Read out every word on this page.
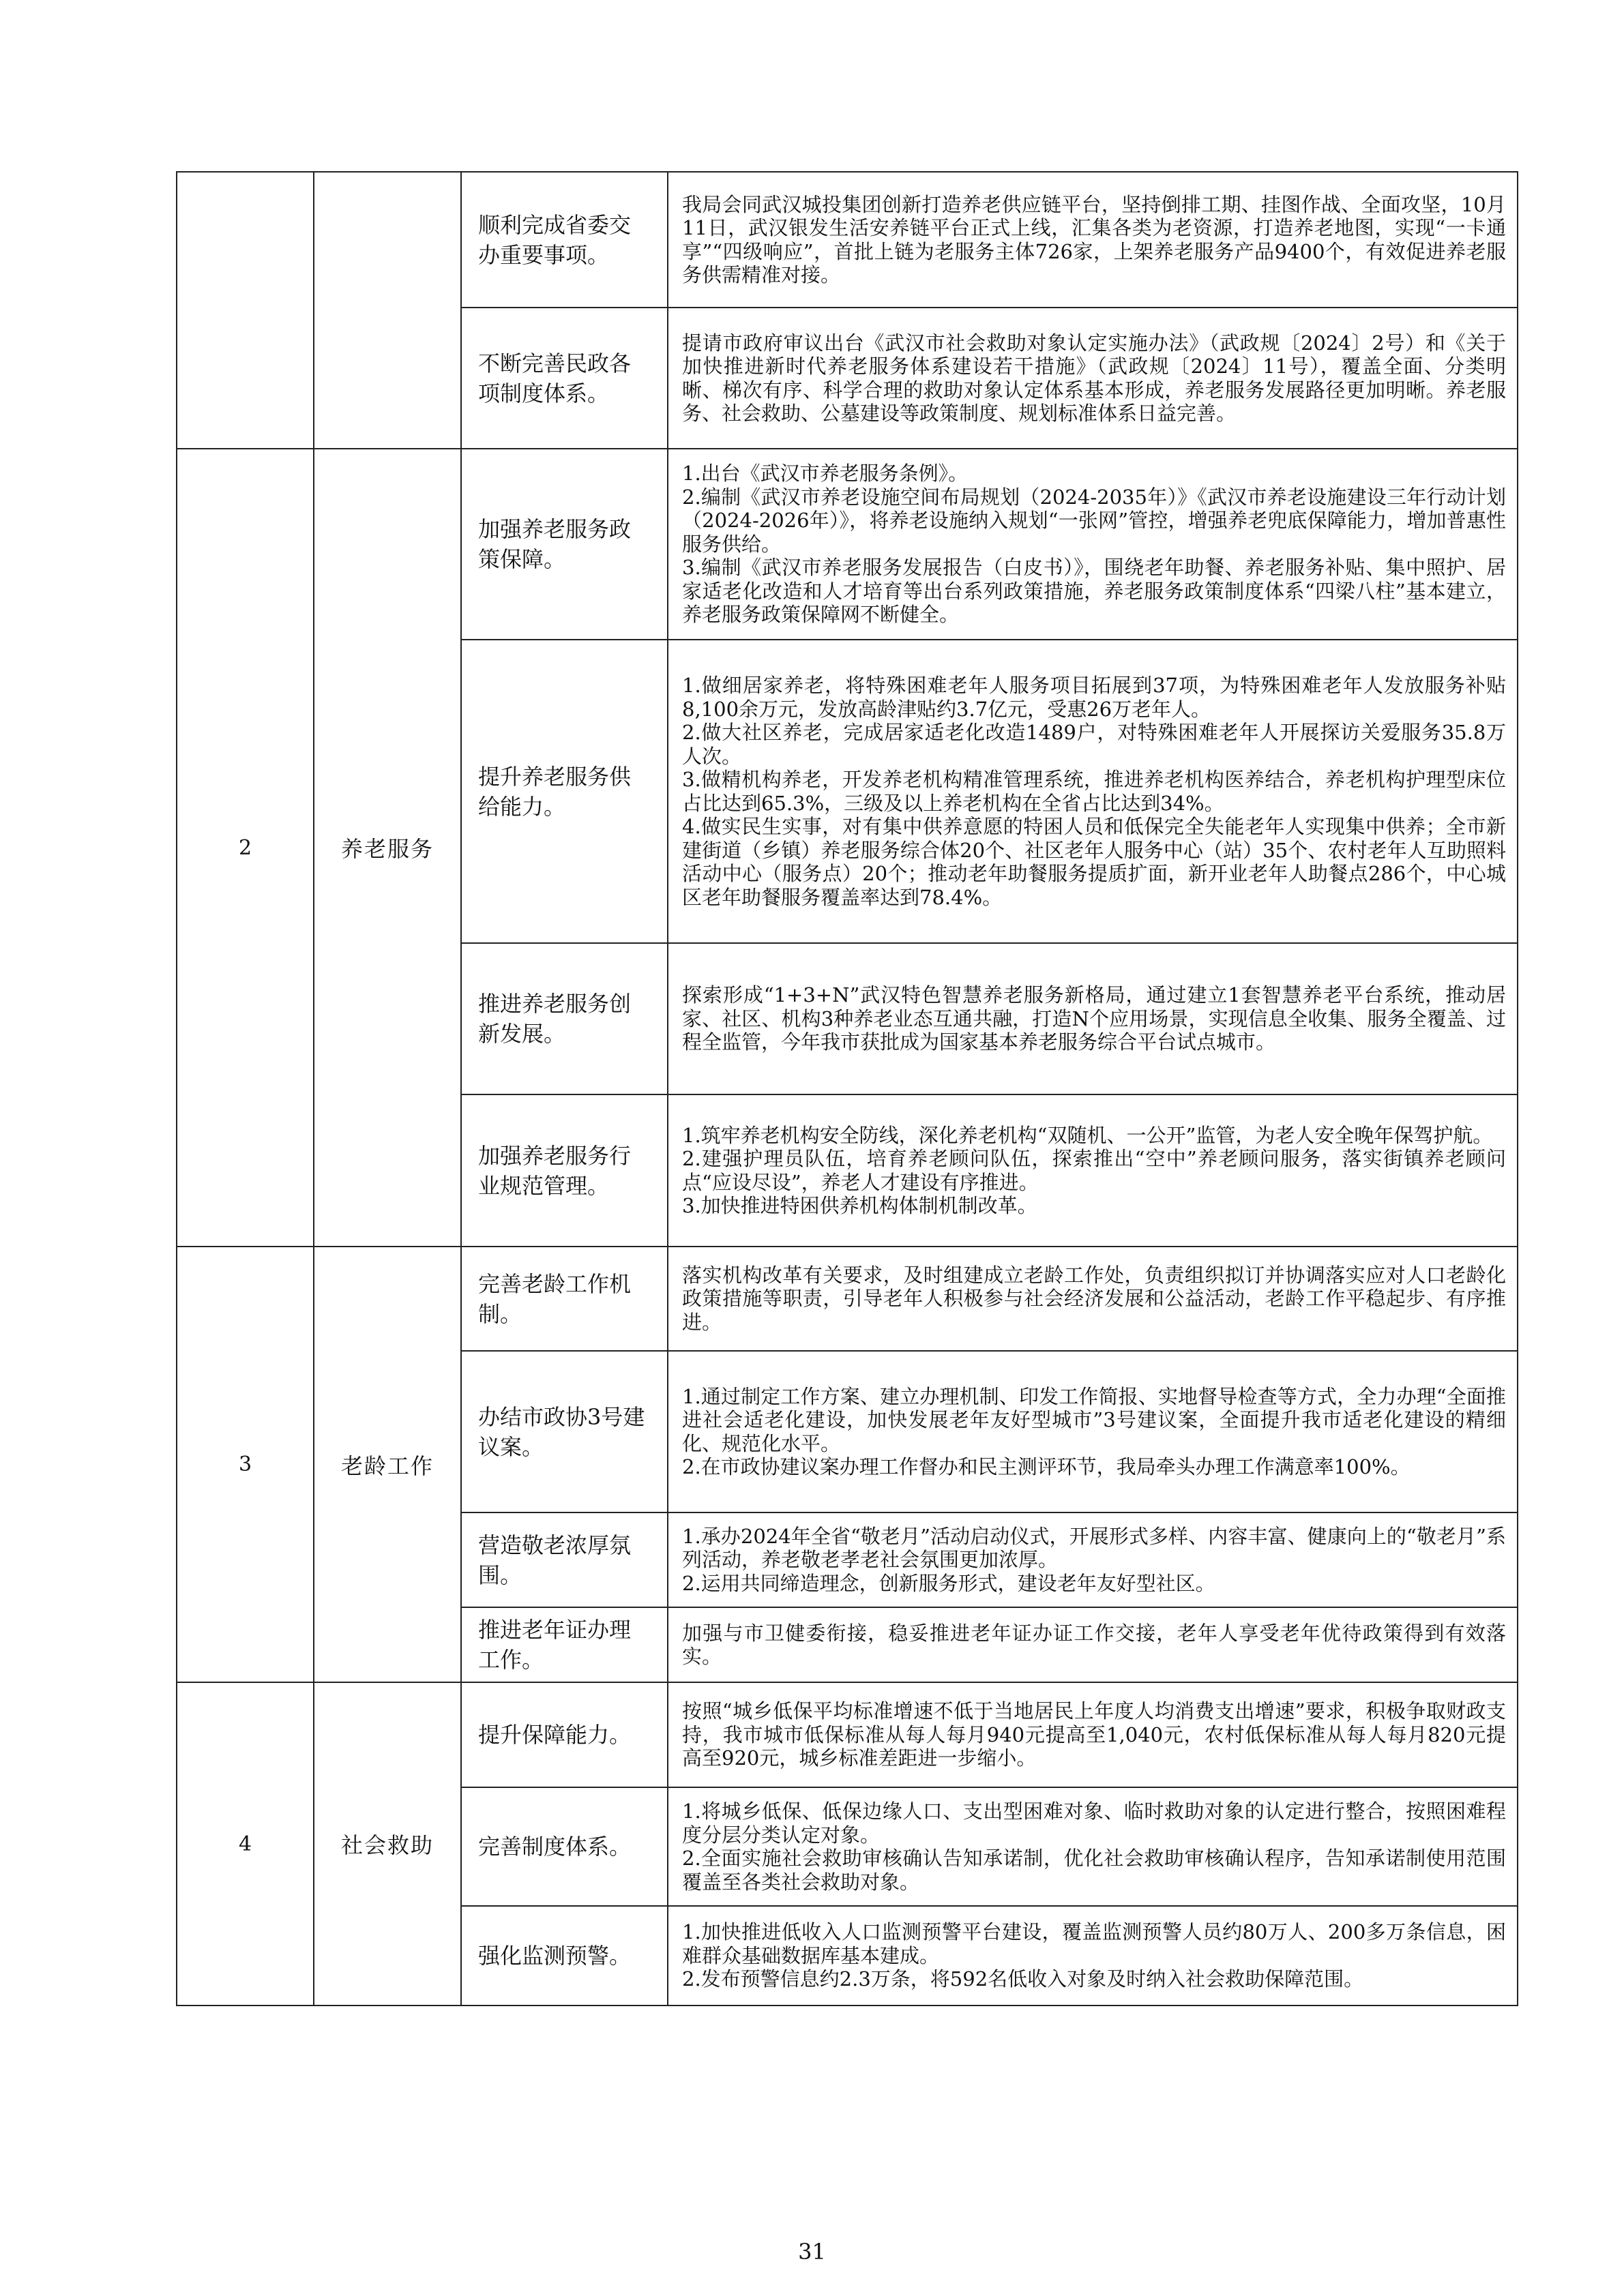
		顺利完成省委交办重要事项。	我局会同武汉城投集团创新打造养老供应链平台，坚持倒排工期、挂图作战、全面攻坚，10月11日，武汉银发生活安养链平台正式上线，汇集各类为老资源，打造养老地图，实现“一卡通享”“四级响应”，首批上链为老服务主体726家，上架养老服务产品9400个，有效促进养老服务供需精准对接。

		不断完善民政各项制度体系。	提请市政府审议出台《武汉市社会救助对象认定实施办法》（武政规〔2024〕2号）和《关于加快推进新时代养老服务体系建设若干措施》（武政规〔2024〕11号），覆盖全面、分类明晰、梯次有序、科学合理的救助对象认定体系基本形成，养老服务发展路径更加明晰。养老服务、社会救助、公墓建设等政策制度、规划标准体系日益完善。

2	养老服务	加强养老服务政策保障。	1.出台《武汉市养老服务条例》。
2.编制《武汉市养老设施空间布局规划（2024-2035年）》《武汉市养老设施建设三年行动计划（2024-2026年）》，将养老设施纳入规划“一张网”管控，增强养老兜底保障能力，增加普惠性服务供给。
3.编制《武汉市养老服务发展报告（白皮书）》，围绕老年助餐、养老服务补贴、集中照护、居家适老化改造和人才培育等出台系列政策措施，养老服务政策制度体系“四梁八柱”基本建立，养老服务政策保障网不断健全。

		提升养老服务供给能力。	1.做细居家养老，将特殊困难老年人服务项目拓展到37项，为特殊困难老年人发放服务补贴8,100余万元，发放高龄津贴约3.7亿元，受惠26万老年人。
2.做大社区养老，完成居家适老化改造1489户，对特殊困难老年人开展探访关爱服务35.8万人次。
3.做精机构养老，开发养老机构精准管理系统，推进养老机构医养结合，养老机构护理型床位占比达到65.3%，三级及以上养老机构在全省占比达到34%。
4.做实民生实事，对有集中供养意愿的特困人员和低保完全失能老年人实现集中供养；全市新建街道（乡镇）养老服务综合体20个、社区老年人服务中心（站）35个、农村老年人互助照料活动中心（服务点）20个；推动老年助餐服务提质扩面，新开业老年人助餐点286个，中心城区老年助餐服务覆盖率达到78.4%。

		推进养老服务创新发展。	探索形成“1+3+N”武汉特色智慧养老服务新格局，通过建立1套智慧养老平台系统，推动居家、社区、机构3种养老业态互通共融，打造N个应用场景，实现信息全收集、服务全覆盖、过程全监管，今年我市获批成为国家基本养老服务综合平台试点城市。

		加强养老服务行业规范管理。	1.筑牢养老机构安全防线，深化养老机构“双随机、一公开”监管，为老人安全晚年保驾护航。
2.建强护理员队伍，培育养老顾问队伍，探索推出“空中”养老顾问服务，落实街镇养老顾问点“应设尽设”，养老人才建设有序推进。
3.加快推进特困供养机构体制机制改革。

3	老龄工作	完善老龄工作机制。	落实机构改革有关要求，及时组建成立老龄工作处，负责组织拟订并协调落实应对人口老龄化政策措施等职责，引导老年人积极参与社会经济发展和公益活动，老龄工作平稳起步、有序推进。

		办结市政协3号建议案。	1.通过制定工作方案、建立办理机制、印发工作简报、实地督导检查等方式，全力办理“全面推进社会适老化建设，加快发展老年友好型城市”3号建议案，全面提升我市适老化建设的精细化、规范化水平。
2.在市政协建议案办理工作督办和民主测评环节，我局牵头办理工作满意率100%。

		营造敬老浓厚氛围。	1.承办2024年全省“敬老月”活动启动仪式，开展形式多样、内容丰富、健康向上的“敬老月”系列活动，养老敬老孝老社会氛围更加浓厚。
2.运用共同缔造理念，创新服务形式，建设老年友好型社区。

		推进老年证办理工作。	加强与市卫健委衔接，稳妥推进老年证办证工作交接，老年人享受老年优待政策得到有效落实。

4	社会救助	提升保障能力。	按照“城乡低保平均标准增速不低于当地居民上年度人均消费支出增速”要求，积极争取财政支持，我市城市低保标准从每人每月940元提高至1,040元，农村低保标准从每人每月820元提高至920元，城乡标准差距进一步缩小。

		完善制度体系。	1.将城乡低保、低保边缘人口、支出型困难对象、临时救助对象的认定进行整合，按照困难程度分层分类认定对象。
2.全面实施社会救助审核确认告知承诺制，优化社会救助审核确认程序，告知承诺制使用范围覆盖至各类社会救助对象。

		强化监测预警。	1.加快推进低收入人口监测预警平台建设，覆盖监测预警人员约80万人、200多万条信息，困难群众基础数据库基本建成。
2.发布预警信息约2.3万条，将592名低收入对象及时纳入社会救助保障范围。
31
